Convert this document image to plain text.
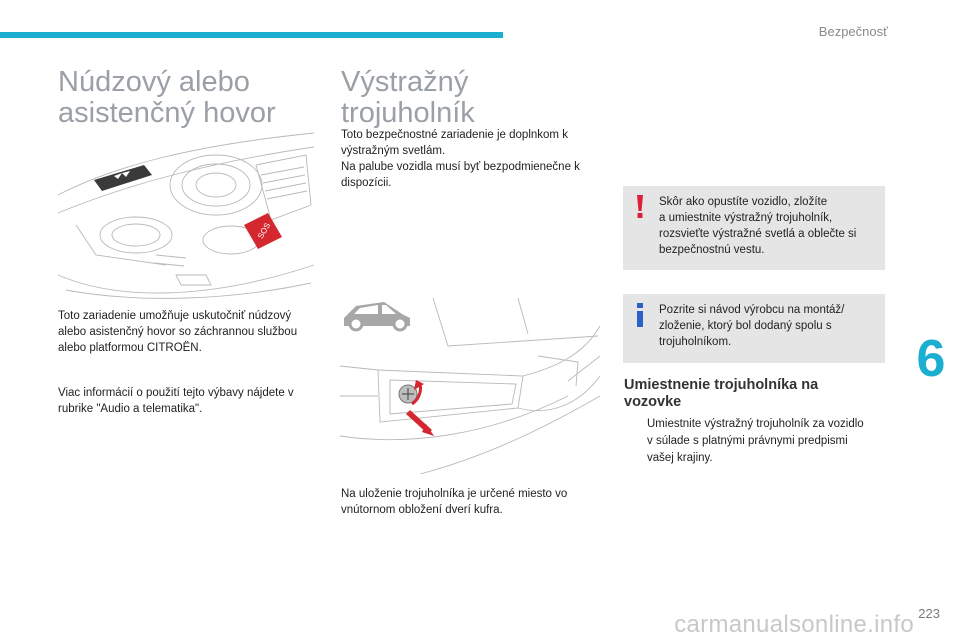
Bezpečnosť
Núdzový alebo
asistenčný hovor
SOS

Toto zariadenie umožňuje uskutočniť núdzový
alebo asistenčný hovor so záchrannou službou
alebo platformou CITROËN.

Viac informácií o použití tejto výbavy nájdete v
rubrike "Audio a telematika".

Výstražný
trojuholník

Toto bezpečnostné zariadenie je doplnkom k
výstražným svetlám.
Na palube vozidla musí byť bezpodmienečne k
dispozícii.

Na uloženie trojuholníka je určené miesto vo
vnútornom obložení dverí kufra.

Skôr ako opustíte vozidlo, zložíte
a umiestnite výstražný trojuholník,
rozsvieťte výstražné svetlá a oblečte si
bezpečnostnú vestu.
Pozrite si návod výrobcu na montáž/
zloženie, ktorý bol dodaný spolu s
trojuholníkom.
Umiestnenie trojuholníka na
vozovke
Umiestnite výstražný trojuholník za vozidlo
v súlade s platnými právnymi predpismi
vašej krajiny.
6
223
carmanualsonline.info
